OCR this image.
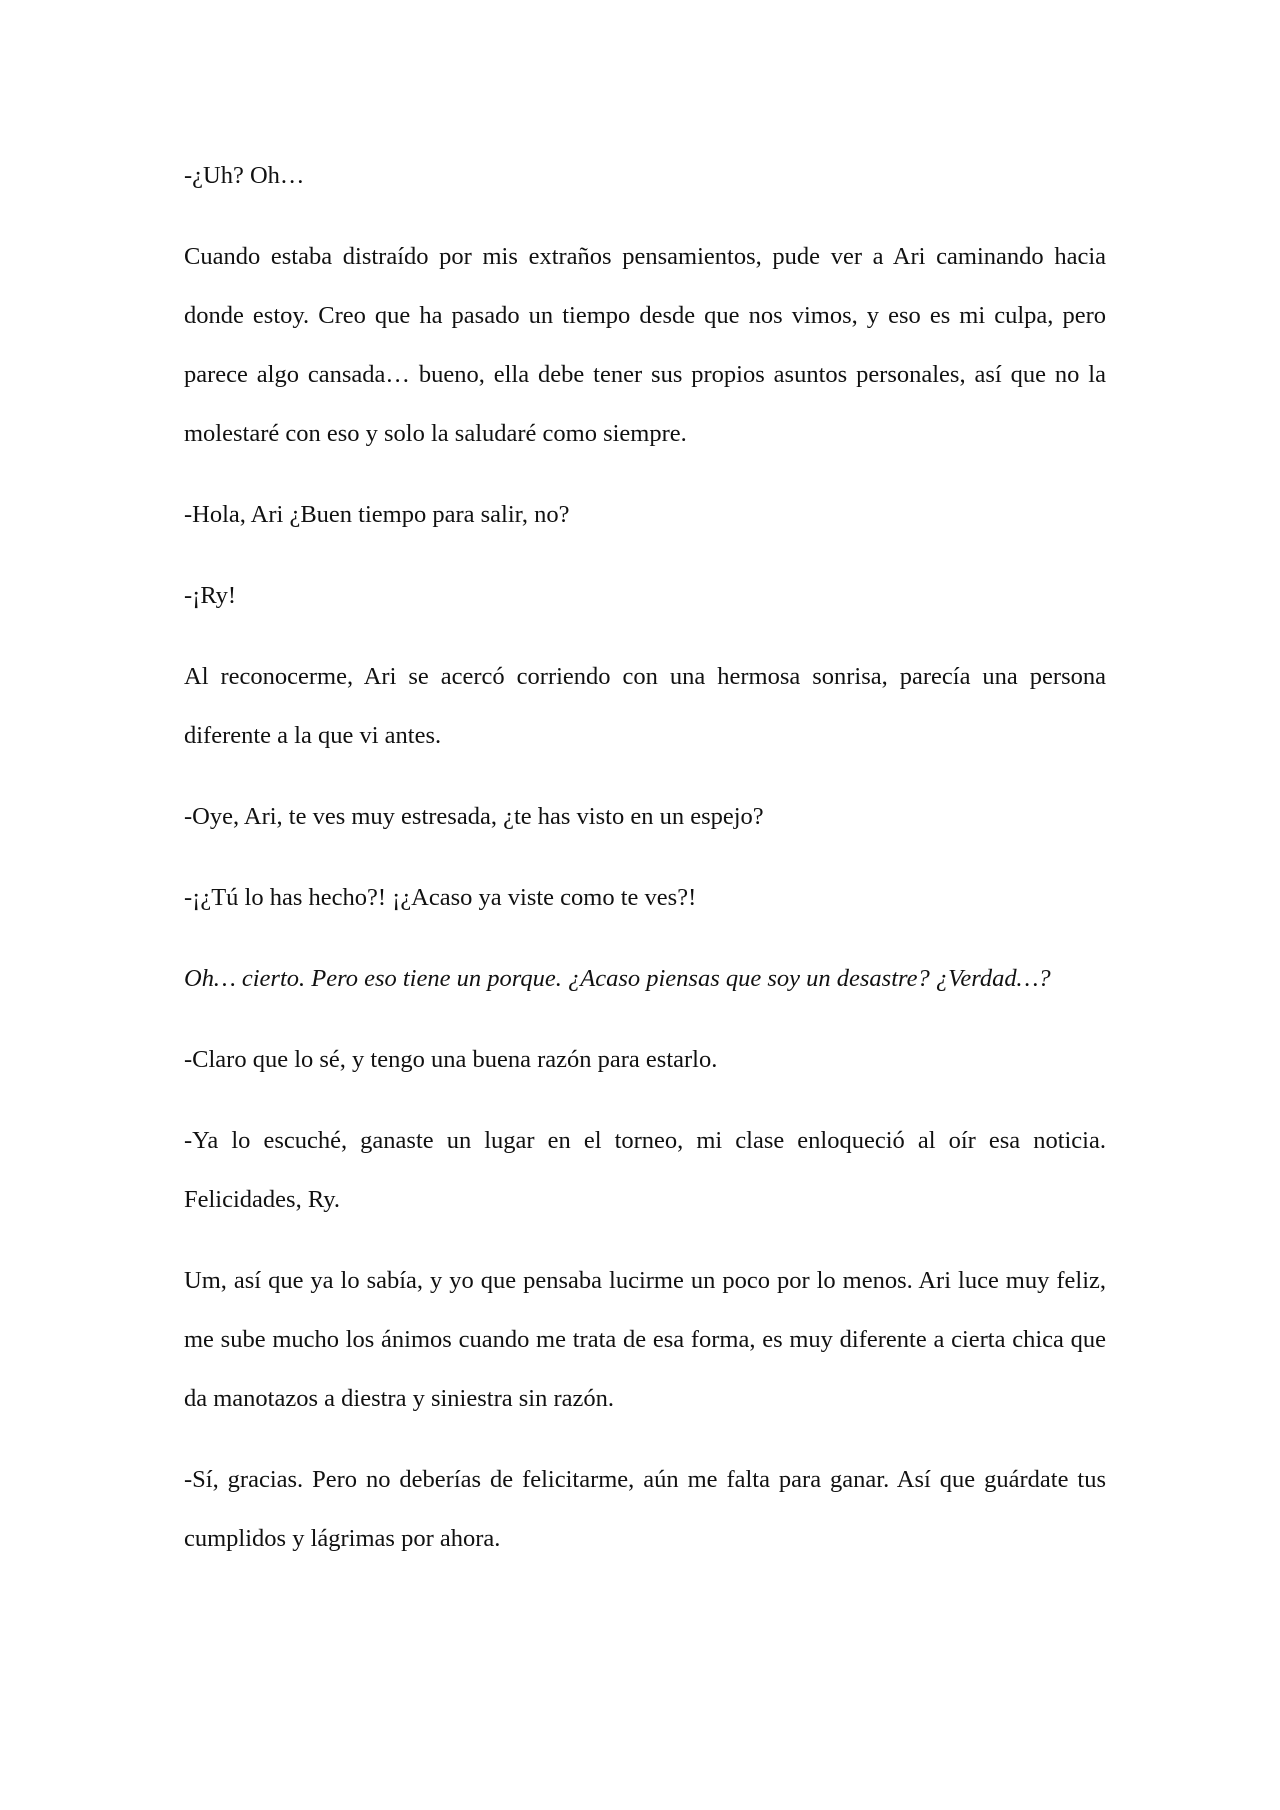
-¿Uh? Oh…

Cuando estaba distraído por mis extraños pensamientos, pude ver a Ari caminando hacia donde estoy. Creo que ha pasado un tiempo desde que nos vimos, y eso es mi culpa, pero parece algo cansada… bueno, ella debe tener sus propios asuntos personales, así que no la molestaré con eso y solo la saludaré como siempre.

-Hola, Ari ¿Buen tiempo para salir, no?

-¡Ry!

Al reconocerme, Ari se acercó corriendo con una hermosa sonrisa, parecía una persona diferente a la que vi antes.

-Oye, Ari, te ves muy estresada, ¿te has visto en un espejo?

-¡¿Tú lo has hecho?! ¡¿Acaso ya viste como te ves?!

Oh… cierto. Pero eso tiene un porque. ¿Acaso piensas que soy un desastre? ¿Verdad…?

-Claro que lo sé, y tengo una buena razón para estarlo.

-Ya lo escuché, ganaste un lugar en el torneo, mi clase enloqueció al oír esa noticia. Felicidades, Ry.

Um, así que ya lo sabía, y yo que pensaba lucirme un poco por lo menos. Ari luce muy feliz, me sube mucho los ánimos cuando me trata de esa forma, es muy diferente a cierta chica que da manotazos a diestra y siniestra sin razón.

-Sí, gracias. Pero no deberías de felicitarme, aún me falta para ganar. Así que guárdate tus cumplidos y lágrimas por ahora.
